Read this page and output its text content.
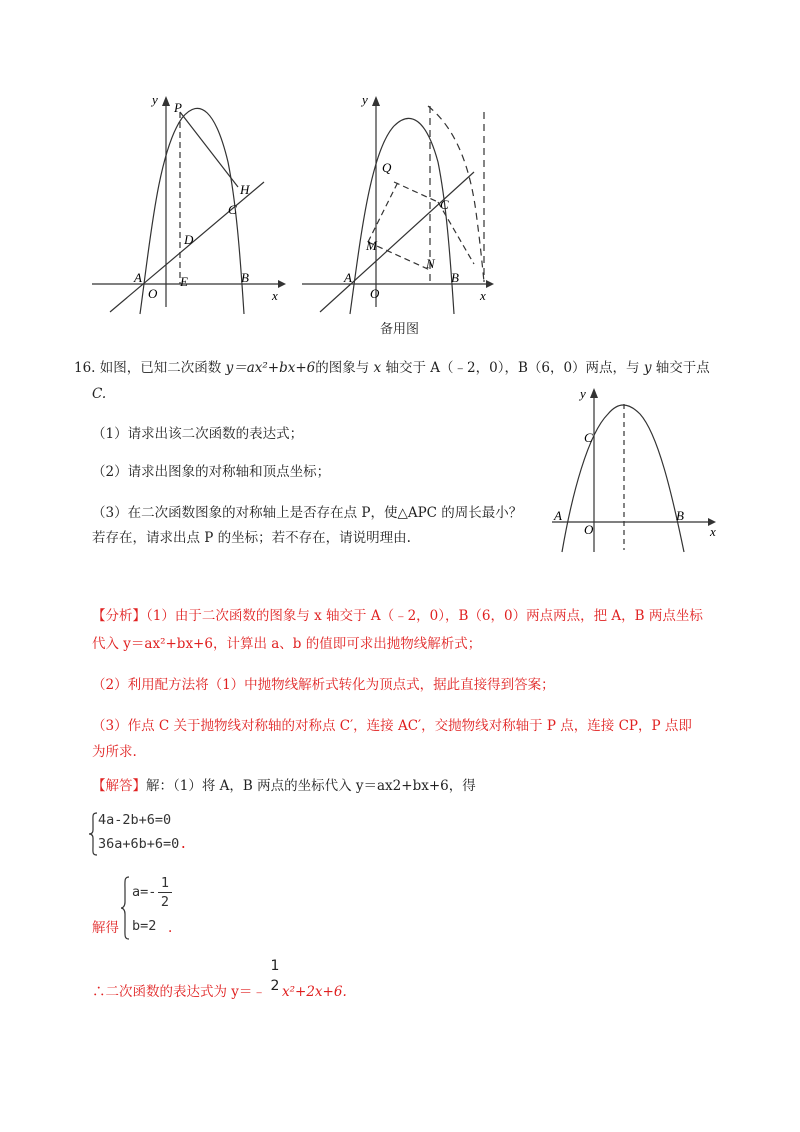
y
P
H
C
D
A
O
E	B
x
y
Q
C
M
N
A
O
B
x
备用图
16. 如图，已知二次函数 y＝ax²+bx+6的图象与 x 轴交于 A（﹣2，0），B（6，0）两点，与 y 轴交于点
C.
（1）请求出该二次函数的表达式；
（2）请求出图象的对称轴和顶点坐标；
（3）在二次函数图象的对称轴上是否存在点 P，使△APC 的周长最小？
若存在，请求出点 P 的坐标；若不存在，请说明理由.
y
C
A
O
B
x
【分析】（1）由于二次函数的图象与 x 轴交于 A（﹣2，0），B（6，0）两点两点，把 A，B 两点坐标
代入 y＝ax²+bx+6，计算出 a、b 的值即可求出抛物线解析式；
（2）利用配方法将（1）中抛物线解析式转化为顶点式，据此直接得到答案；
（3）作点 C 关于抛物线对称轴的对称点 C′，连接 AC′，交抛物线对称轴于 P 点，连接 CP，P 点即
为所求.
【解答】解：（1）将 A，B 两点的坐标代入 y＝ax2+bx+6，得
4a-2b+6=0
36a+6b+6=0.
解得
a=-
1
2
b=2 .
∴二次函数的表达式为 y＝﹣
1
2 x²+2x+6.
